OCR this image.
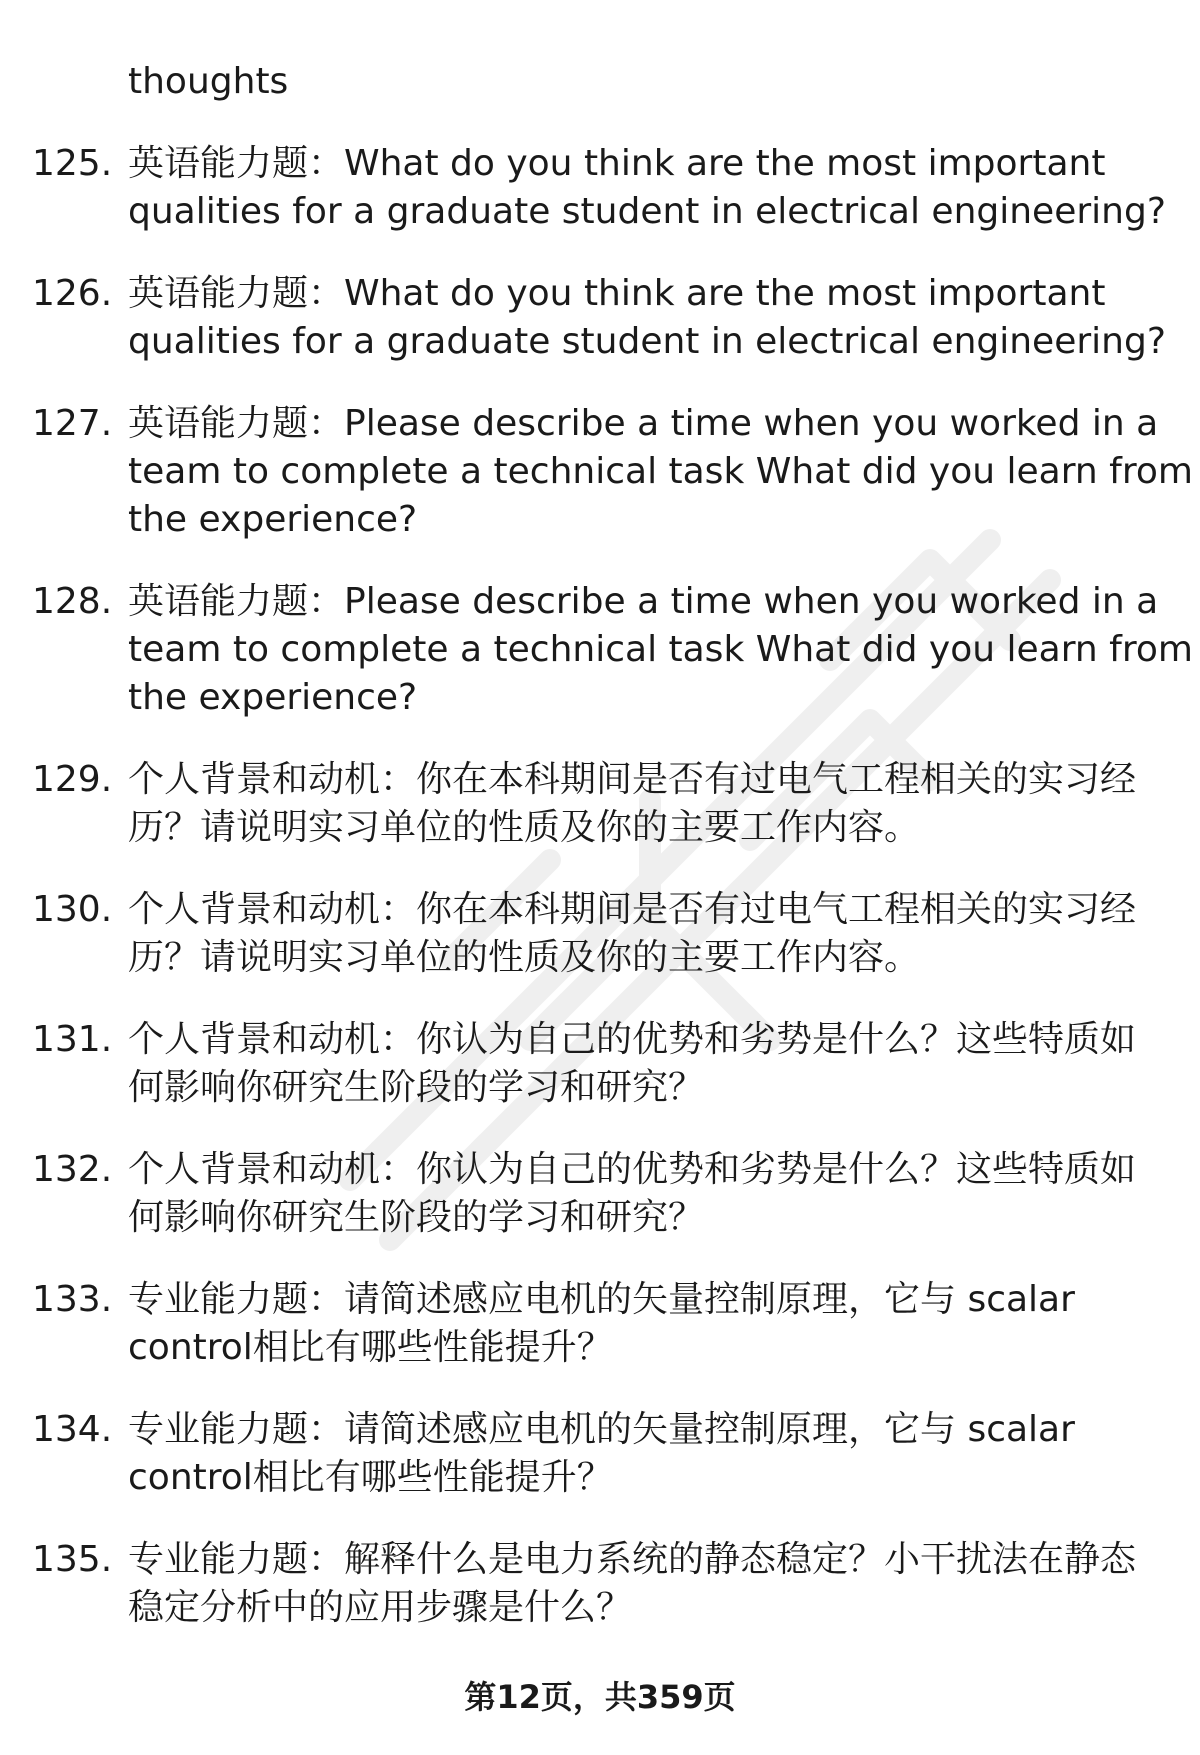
thoughts
125. 英语能力题：What do you think are the most important
qualities for a graduate student in electrical engineering?
126. 英语能力题：What do you think are the most important
qualities for a graduate student in electrical engineering?
127. 英语能力题：Please describe a time when you worked in a
team to complete a technical task What did you learn from
the experience?
128. 英语能力题：Please describe a time when you worked in a
team to complete a technical task What did you learn from
the experience?
129. 个人背景和动机：你在本科期间是否有过电气工程相关的实习经
历？请说明实习单位的性质及你的主要工作内容。
130. 个人背景和动机：你在本科期间是否有过电气工程相关的实习经
历？请说明实习单位的性质及你的主要工作内容。
131. 个人背景和动机：你认为自己的优势和劣势是什么？这些特质如
何影响你研究生阶段的学习和研究？
132. 个人背景和动机：你认为自己的优势和劣势是什么？这些特质如
何影响你研究生阶段的学习和研究？
133. 专业能力题：请简述感应电机的矢量控制原理，它与 scalar
control相比有哪些性能提升？
134. 专业能力题：请简述感应电机的矢量控制原理，它与 scalar
control相比有哪些性能提升？
135. 专业能力题：解释什么是电力系统的静态稳定？小干扰法在静态
稳定分析中的应用步骤是什么？
第12页，共359页
